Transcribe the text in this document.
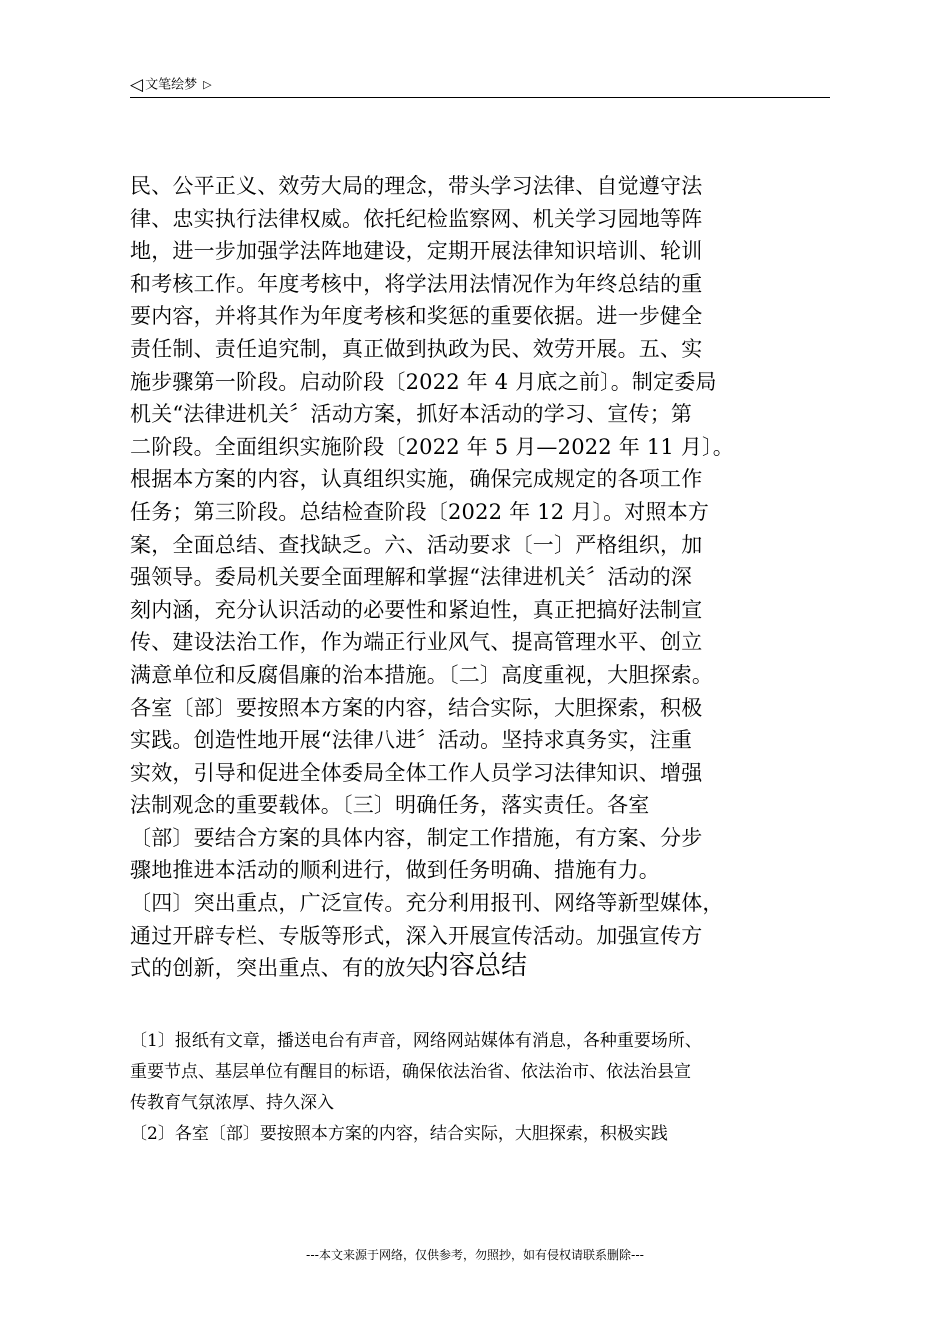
◁ 文笔绘梦 ▷
民、公平正义、效劳大局的理念，带头学习法律、自觉遵守法
律、忠实执行法律权威。依托纪检监察网、机关学习园地等阵
地，进一步加强学法阵地建设，定期开展法律知识培训、轮训
和考核工作。年度考核中，将学法用法情况作为年终总结的重
要内容，并将其作为年度考核和奖惩的重要依据。进一步健全
责任制、责任追究制，真正做到执政为民、效劳开展。五、实
施步骤第一阶段。启动阶段〔2022 年 4 月底之前〕。制定委局
机关“法律进机关〞活动方案，抓好本活动的学习、宣传；第
二阶段。全面组织实施阶段〔2022 年 5 月—2022 年 11 月〕。
根据本方案的内容，认真组织实施，确保完成规定的各项工作
任务；第三阶段。总结检查阶段〔2022 年 12 月〕。对照本方
案，全面总结、查找缺乏。六、活动要求〔一〕严格组织，加
强领导。委局机关要全面理解和掌握“法律进机关〞活动的深
刻内涵，充分认识活动的必要性和紧迫性，真正把搞好法制宣
传、建设法治工作，作为端正行业风气、提高管理水平、创立
满意单位和反腐倡廉的治本措施。〔二〕高度重视，大胆探索。
各室〔部〕要按照本方案的内容，结合实际，大胆探索，积极
实践。创造性地开展“法律八进〞活动。坚持求真务实，注重
实效，引导和促进全体委局全体工作人员学习法律知识、增强
法制观念的重要载体。〔三〕明确任务，落实责任。各室
〔部〕要结合方案的具体内容，制定工作措施，有方案、分步
骤地推进本活动的顺利进行，做到任务明确、措施有力。
〔四〕突出重点，广泛宣传。充分利用报刊、网络等新型媒体，
通过开辟专栏、专版等形式，深入开展宣传活动。加强宣传方
式的创新，突出重点、有的放矢。
内容总结
〔1〕报纸有文章，播送电台有声音，网络网站媒体有消息，各种重要场所、
重要节点、基层单位有醒目的标语，确保依法治省、依法治市、依法治县宣
传教育气氛浓厚、持久深入
〔2〕各室〔部〕要按照本方案的内容，结合实际，大胆探索，积极实践
---本文来源于网络，仅供参考，勿照抄，如有侵权请联系删除---
